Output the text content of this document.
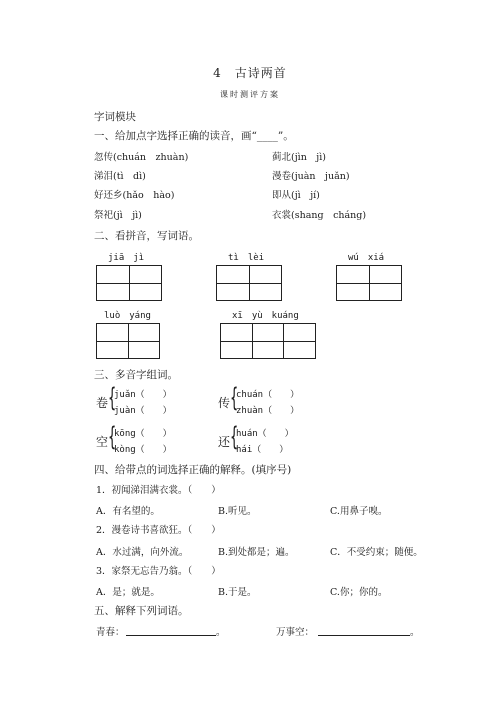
4　古诗两首
课时测评方案
字词模块
一、给加点字选择正确的读音，画“____”。
忽传(chuán　zhuàn)	蓟北(jìn　jì)
涕泪(tì　dì)	漫卷(juàn　juǎn)
好还乡(hǎo　hào)	即从(jì　jí)
祭祀(jì　jì)	衣裳(shang　cháng)
二、看拼音，写词语。
jiā　jì	tì　lèi	wú　xiá
luò　yáng	xī　yù　kuáng
三、多音字组词。
卷 {
juǎn（　　）
juàn（　　）
传 {
chuán（　　）
zhuàn（　　）
空 {
kōng（　　）
kòng（　　）
还 {
huán（　　）
hái（　　）
四、给带点的词选择正确的解释。(填序号)
1．初闻涕泪满衣裳。（　　）
A．有名望的。	B.听见。	C.用鼻子嗅。
2．漫卷诗书喜欲狂。（　　）
A．水过满，向外流。	B.到处都是；遍。	C．不受约束；随便。
3．家祭无忘告乃翁。（　　）
A．是；就是。	B.于是。	C.你；你的。
五、解释下列词语。
青春：	。	万事空：	。
